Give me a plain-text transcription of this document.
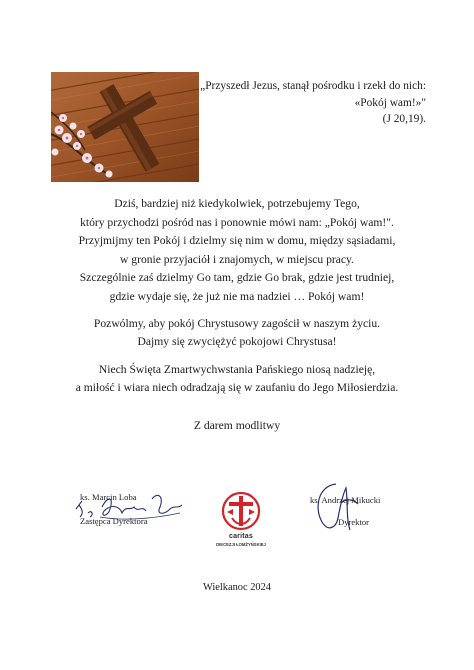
„Przyszedł Jezus, stanął pośrodku i rzekł do nich:
«Pokój wam!»"
(J 20,19).

Dziś, bardziej niż kiedykolwiek, potrzebujemy Tego,

który przychodzi pośród nas i ponownie mówi nam: „Pokój wam!".

Przyjmijmy ten Pokój i dzielmy się nim w domu, między sąsiadami,

w gronie przyjaciół i znajomych, w miejscu pracy.

Szczególnie zaś dzielmy Go tam, gdzie Go brak, gdzie jest trudniej,

gdzie wydaje się, że już nie ma nadziei … Pokój wam!

Pozwólmy, aby pokój Chrystusowy zagościł w naszym życiu.

Dajmy się zwyciężyć pokojowi Chrystusa!

Niech Święta Zmartwychwstania Pańskiego niosą nadzieję,

a miłość i wiara niech odradzają się w zaufaniu do Jego Miłosierdzia.

Z darem modlitwy

ks. Marcin Loba
Zastępca Dyrektora
caritas
DIECEZJI ŁOMŻYŃSKIEJ
ks. Andrzej Mikucki
Dyrektor
Wielkanoc 2024
